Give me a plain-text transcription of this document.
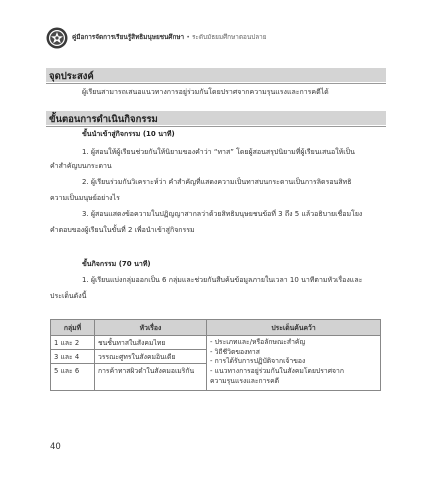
คู่มือการจัดการเรียนรู้สิทธิมนุษยชนศึกษา • ระดับมัธยมศึกษาตอนปลาย
จุดประสงค์
ผู้เรียนสามารถเสนอแนวทางการอยู่ร่วมกันโดยปราศจากความรุนแรงและการคตีได้
ขั้นตอนการดำเนินกิจกรรม
ขั้นนำเข้าสู่กิจกรรม (10 นาที)
1. ผู้สอนให้ผู้เรียนช่วยกันให้นิยามของคำว่า “ทาส” โดยผู้สอนสรุปนิยามที่ผู้เรียนเสนอให้เป็น
คำสำคัญบนกระดาน
2. ผู้เรียนร่วมกันวิเคราะห์ว่า คำสำคัญที่แสดงความเป็นทาสบนกระดานเป็นการลิดรอนสิทธิ
ความเป็นมนุษย์อย่างไร
3. ผู้สอนแสดงข้อความในปฏิญญาสากลว่าด้วยสิทธิมนุษยชนข้อที่ 3 ถึง 5 แล้วอธิบายเชื่อมโยง
คำตอบของผู้เรียนในขั้นที่ 2 เพื่อนำเข้าสู่กิจกรรม
ขั้นกิจกรรม (70 นาที)
1. ผู้เรียนแบ่งกลุ่มออกเป็น 6 กลุ่มและช่วยกันสืบค้นข้อมูลภายในเวลา 10 นาทีตามหัวเรื่องและ
ประเด็นดังนี้
กลุ่มที่	หัวเรื่อง	ประเด็นค้นคว้า
1 และ 2	ชนชั้นทาสในสังคมไทย	- ประเภทและ/หรือลักษณะสำคัญ
- วิถีชีวิตของทาส
- การได้รับการปฏิบัติจากเจ้าของ
- แนวทางการอยู่ร่วมกันในสังคมโดยปราศจาก
ความรุนแรงและการคตี

3 และ 4	วรรณะศูทรในสังคมอินเดีย	
5 และ 6	การค้าทาสผิวดำในสังคมอเมริกัน	
40
